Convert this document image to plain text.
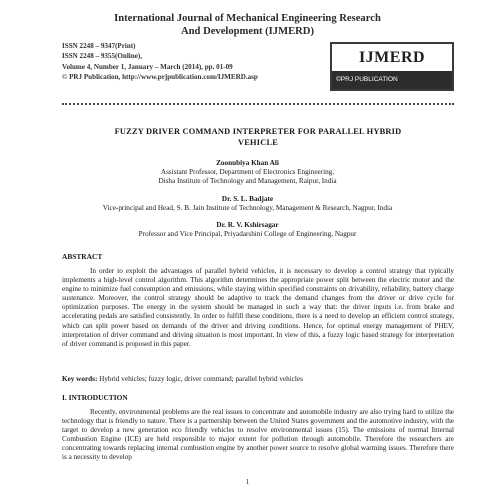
International Journal of Mechanical Engineering Research
And Development (IJMERD)
ISSN 2248 – 9347(Print)
ISSN 2248 – 9355(Online),
Volume 4, Number 1, January – March (2014), pp. 01-09
© PRJ Publication, http://www.prjpublication.com/IJMERD.asp
IJMERD
©PRJ PUBLICATION
FUZZY DRIVER COMMAND INTERPRETER FOR PARALLEL HYBRID
VEHICLE
Zoonubiya Khan Ali
Assistant Professor, Department of Electronics Engineering,
Disha Institute of Technology and Management, Raipur, India
Dr. S. L. Badjate
Vice-principal and Head, S. B. Jain Institute of Technology, Management & Research, Nagpur, India
Dr. R. V. Kshirsagar
Professor and Vice Principal, Priyadarshini College of Engineering, Nagpur
ABSTRACT
In order to exploit the advantages of parallel hybrid vehicles, it is necessary to develop a control strategy that typically implements a high-level control algorithm. This algorithm determines the appropriate power split between the electric motor and the engine to minimize fuel consumption and emissions, while staying within specified constraints on drivability, reliability, battery charge sustenance. Moreover, the control strategy should be adaptive to track the demand changes from the driver or drive cycle for optimization purposes. The energy in the system should be managed in such a way that: the driver inputs i.e. from brake and accelerating pedals are satisfied consistently. In order to fulfill these conditions, there is a need to develop an efficient control strategy, which can split power based on demands of the driver and driving conditions. Hence, for optimal energy management of PHEV, interpretation of driver command and driving situation is most important. In view of this, a fuzzy logic based strategy for interpretation of driver command is proposed in this paper.
Key words: Hybrid vehicles; fuzzy logic, driver command; parallel hybrid vehicles
I. INTRODUCTION
Recently, environmental problems are the real issues to concentrate and automobile industry are also trying hard to utilize the technology that is friendly to nature. There is a partnership between the United States government and the automotive industry, with the target to develop a new generation eco friendly vehicles to resolve environmental issues (15). The emissions of normal Internal Combustion Engine (ICE) are held responsible to major extent for pollution through automobile. Therefore the researchers are concentrating towards replacing internal combustion engine by another power source to resolve global warming issues. Therefore there is a necessity to develop
1
